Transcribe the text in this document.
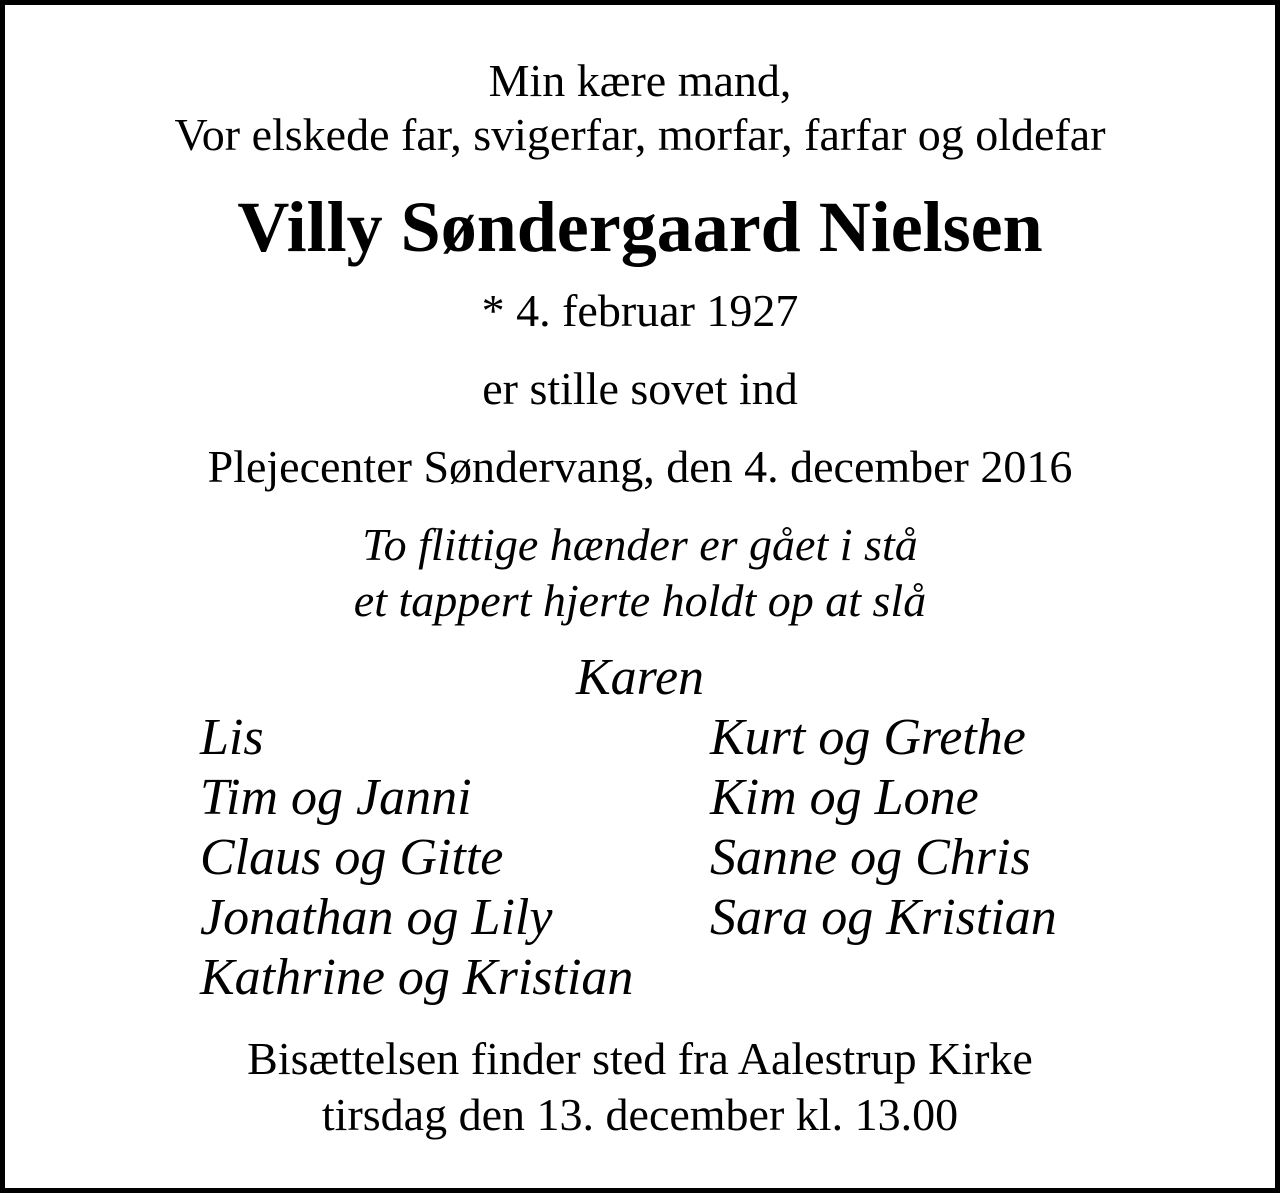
Min kære mand,
Vor elskede far, svigerfar, morfar, farfar og oldefar
Villy Søndergaard Nielsen
* 4. februar 1927
er stille sovet ind
Plejecenter Søndervang, den 4. december 2016
To flittige hænder er gået i stå
et tappert hjerte holdt op at slå
Karen
Lis
Tim og Janni
Claus og Gitte
Jonathan og Lily
Kathrine og Kristian
Kurt og Grethe
Kim og Lone
Sanne og Chris
Sara og Kristian
Bisættelsen finder sted fra Aalestrup Kirke
tirsdag den 13. december kl. 13.00
